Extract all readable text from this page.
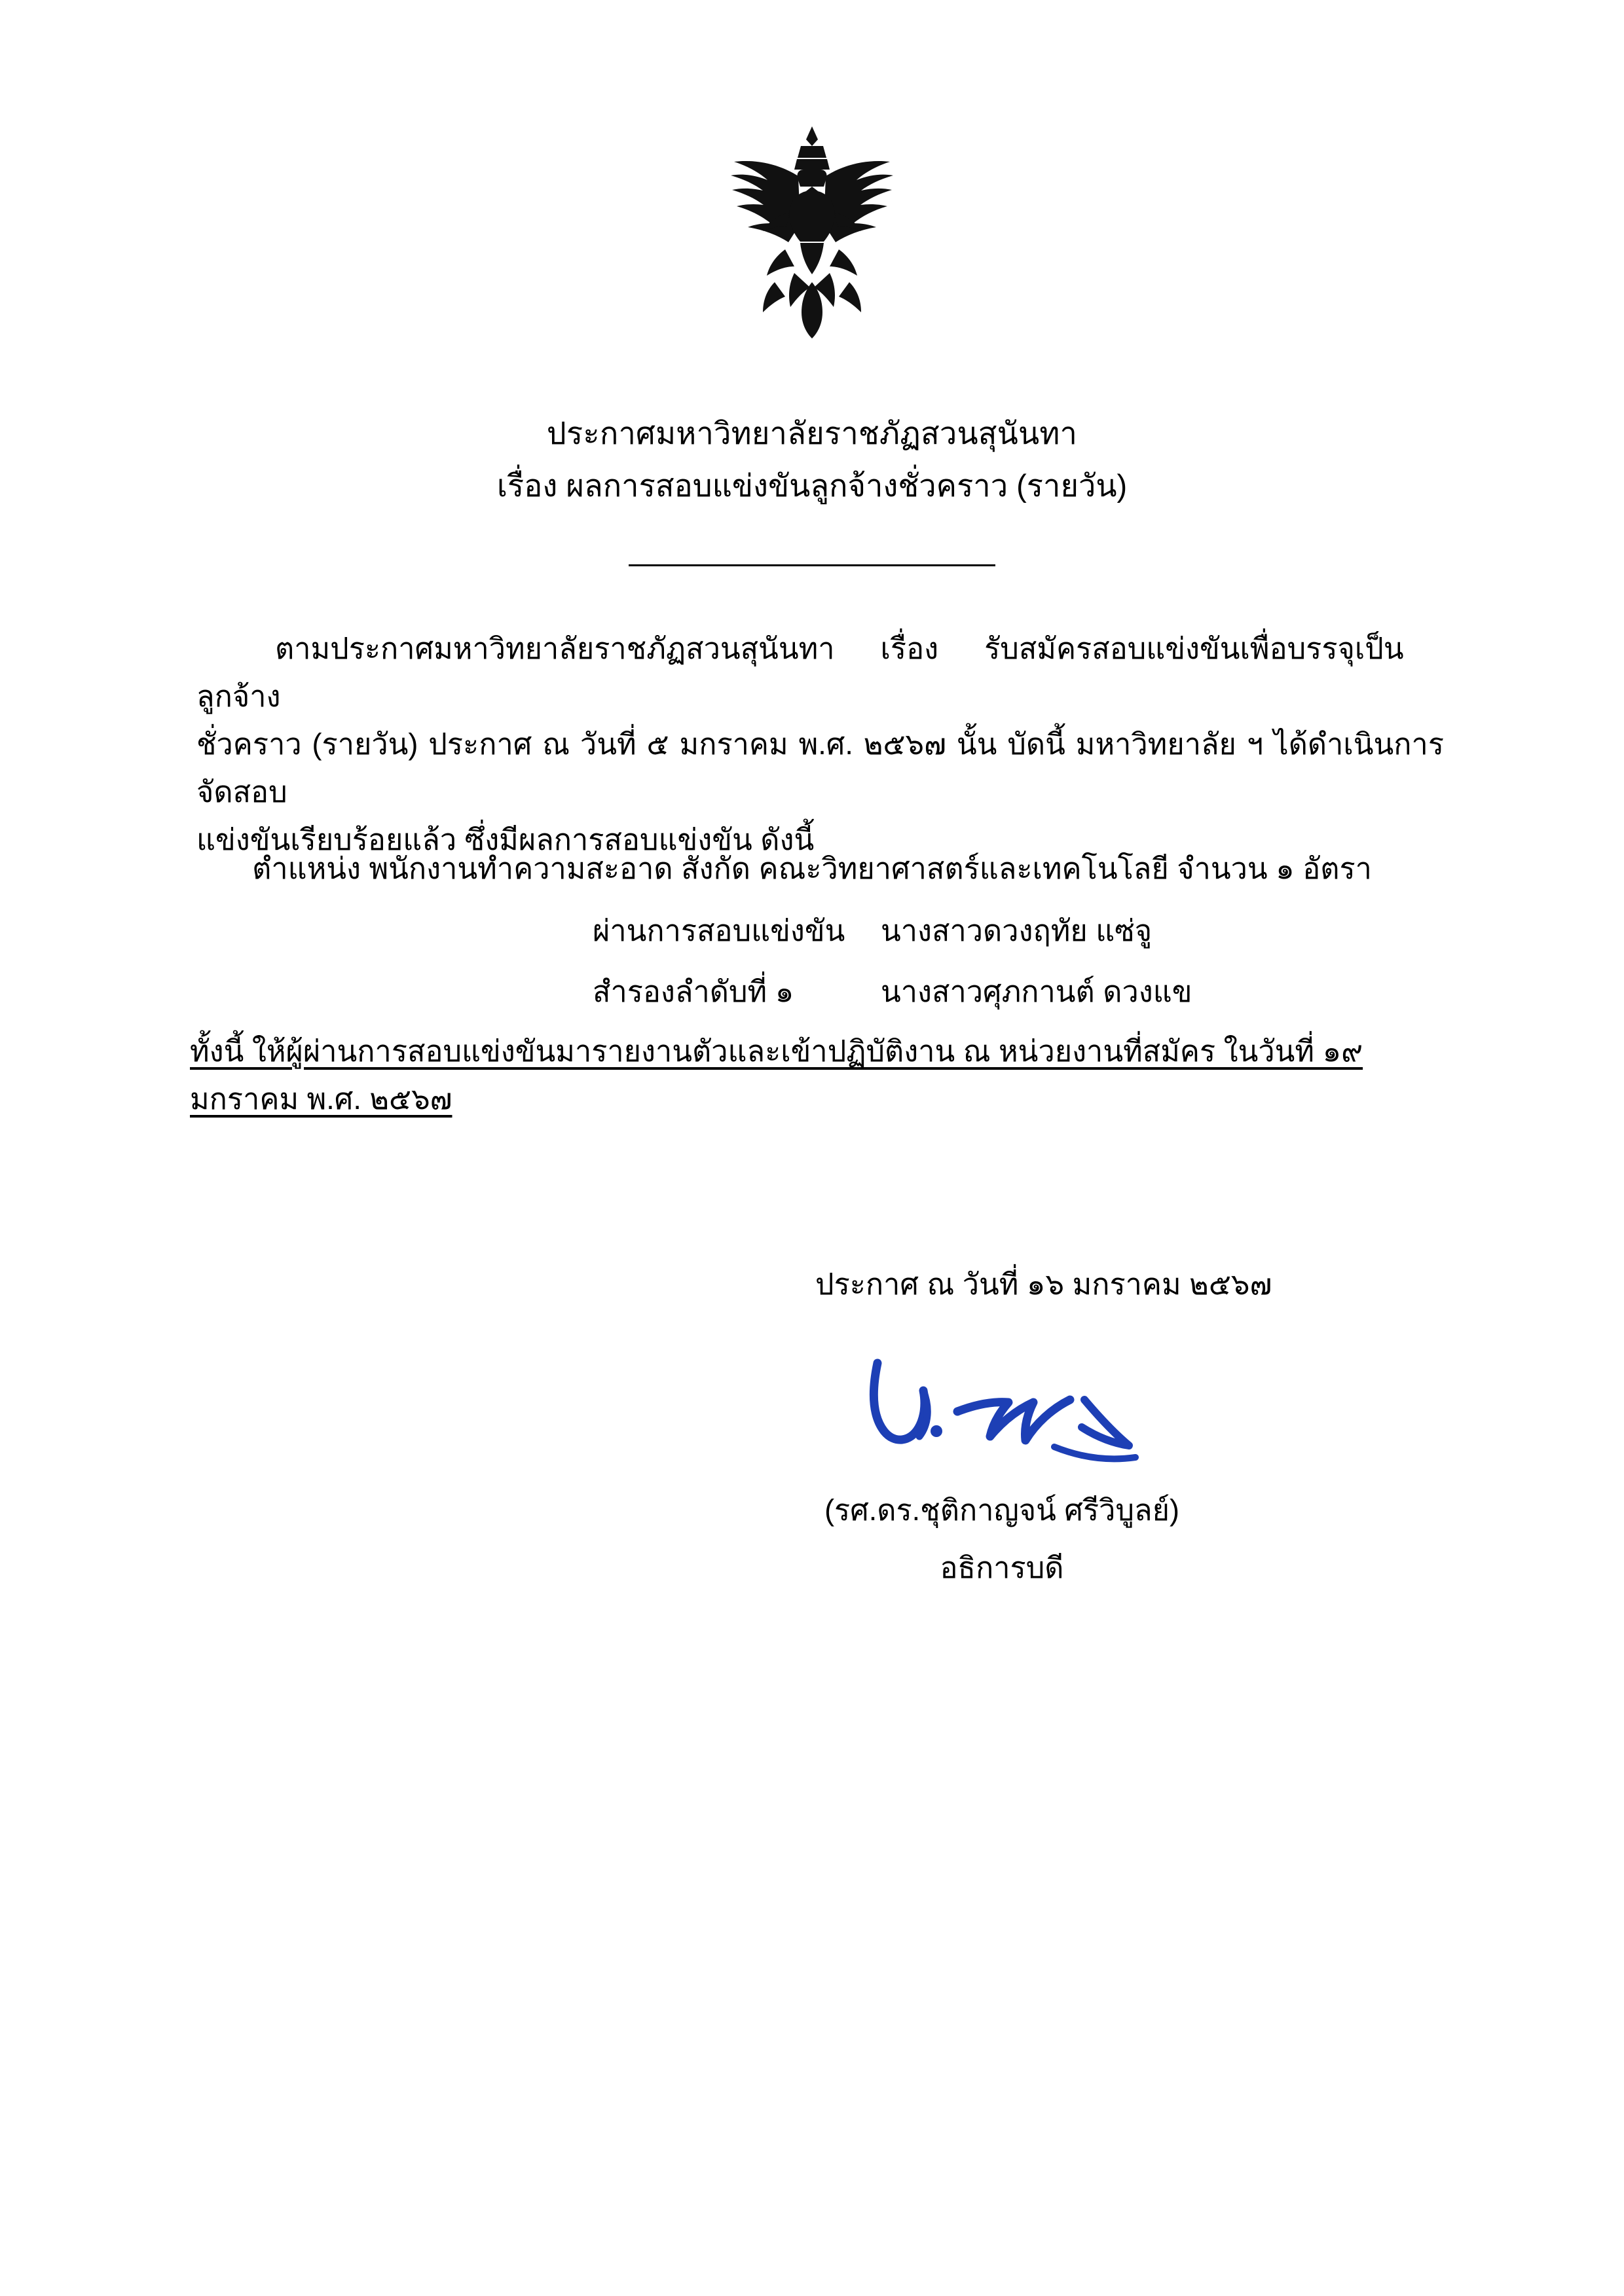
ประกาศมหาวิทยาลัยราชภัฏสวนสุนันทา
เรื่อง ผลการสอบแข่งขันลูกจ้างชั่วคราว (รายวัน)
ตามประกาศมหาวิทยาลัยราชภัฏสวนสุนันทา เรื่อง รับสมัครสอบแข่งขันเพื่อบรรจุเป็นลูกจ้าง
ชั่วคราว (รายวัน) ประกาศ ณ วันที่ ๕ มกราคม พ.ศ. ๒๕๖๗ นั้น บัดนี้ มหาวิทยาลัย ฯ ได้ดำเนินการจัดสอบ
แข่งขันเรียบร้อยแล้ว ซึ่งมีผลการสอบแข่งขัน ดังนี้
ตำแหน่ง พนักงานทำความสะอาด สังกัด คณะวิทยาศาสตร์และเทคโนโลยี จำนวน ๑ อัตรา
ผ่านการสอบแข่งขัน	นางสาวดวงฤทัย แซ่จู
สำรองลำดับที่ ๑	นางสาวศุภกานต์ ดวงแข
ทั้งนี้ ให้ผู้ผ่านการสอบแข่งขันมารายงานตัวและเข้าปฏิบัติงาน ณ หน่วยงานที่สมัคร ในวันที่ ๑๙
มกราคม พ.ศ. ๒๕๖๗
ประกาศ ณ วันที่ ๑๖ มกราคม ๒๕๖๗
(รศ.ดร.ชุติกาญจน์ ศรีวิบูลย์)
อธิการบดี
